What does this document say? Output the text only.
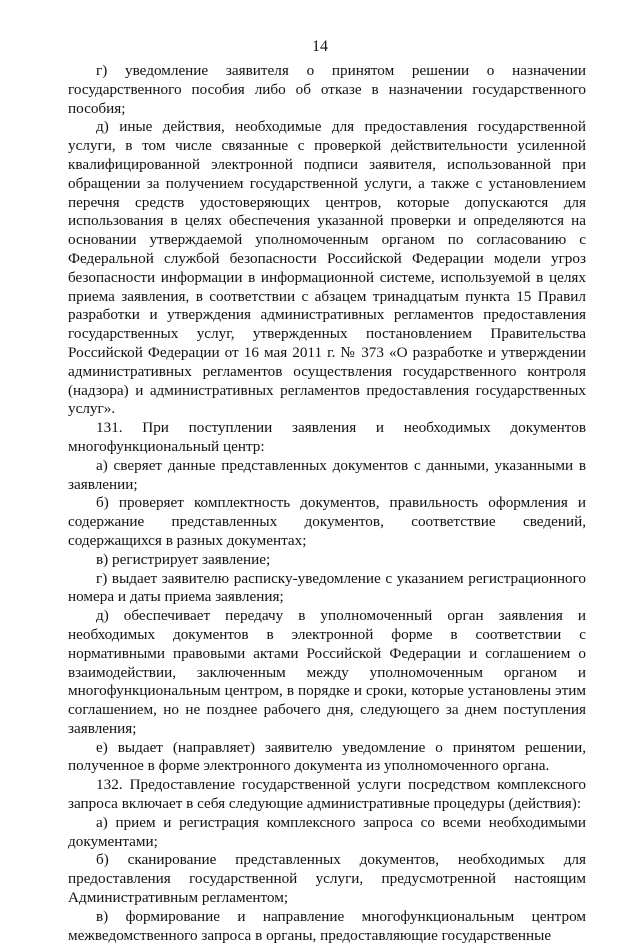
14

г) уведомление заявителя о принятом решении о назначении государственного пособия либо об отказе в назначении государственного пособия;

д) иные действия, необходимые для предоставления государственной услуги, в том числе связанные с проверкой действительности усиленной квалифицированной электронной подписи заявителя, использованной при обращении за получением государственной услуги, а также с установлением перечня средств удостоверяющих центров, которые допускаются для использования в целях обеспечения указанной проверки и определяются на основании утверждаемой уполномоченным органом по согласованию с Федеральной службой безопасности Российской Федерации модели угроз безопасности информации в информационной системе, используемой в целях приема заявления, в соответствии с абзацем тринадцатым пункта 15 Правил разработки и утверждения административных регламентов предоставления государственных услуг, утвержденных постановлением Правительства Российской Федерации от 16 мая 2011 г. № 373 «О разработке и утверждении административных регламентов осуществления государственного контроля (надзора) и административных регламентов предоставления государственных услуг».

131. При поступлении заявления и необходимых документов многофункциональный центр:

а) сверяет данные представленных документов с данными, указанными в заявлении;

б) проверяет комплектность документов, правильность оформления и содержание представленных документов, соответствие сведений, содержащихся в разных документах;

в) регистрирует заявление;

г) выдает заявителю расписку-уведомление с указанием регистрационного номера и даты приема заявления;

д) обеспечивает передачу в уполномоченный орган заявления и необходимых документов в электронной форме в соответствии с нормативными правовыми актами Российской Федерации и соглашением о взаимодействии, заключенным между уполномоченным органом и многофункциональным центром, в порядке и сроки, которые установлены этим соглашением, но не позднее рабочего дня, следующего за днем поступления заявления;

е) выдает (направляет) заявителю уведомление о принятом решении, полученное в форме электронного документа из уполномоченного органа.

132. Предоставление государственной услуги посредством комплексного запроса включает в себя следующие административные процедуры (действия):

а) прием и регистрация комплексного запроса со всеми необходимыми документами;

б) сканирование представленных документов, необходимых для предоставления государственной услуги, предусмотренной настоящим Административным регламентом;

в) формирование и направление многофункциональным центром межведомственного запроса в органы, предоставляющие государственные
